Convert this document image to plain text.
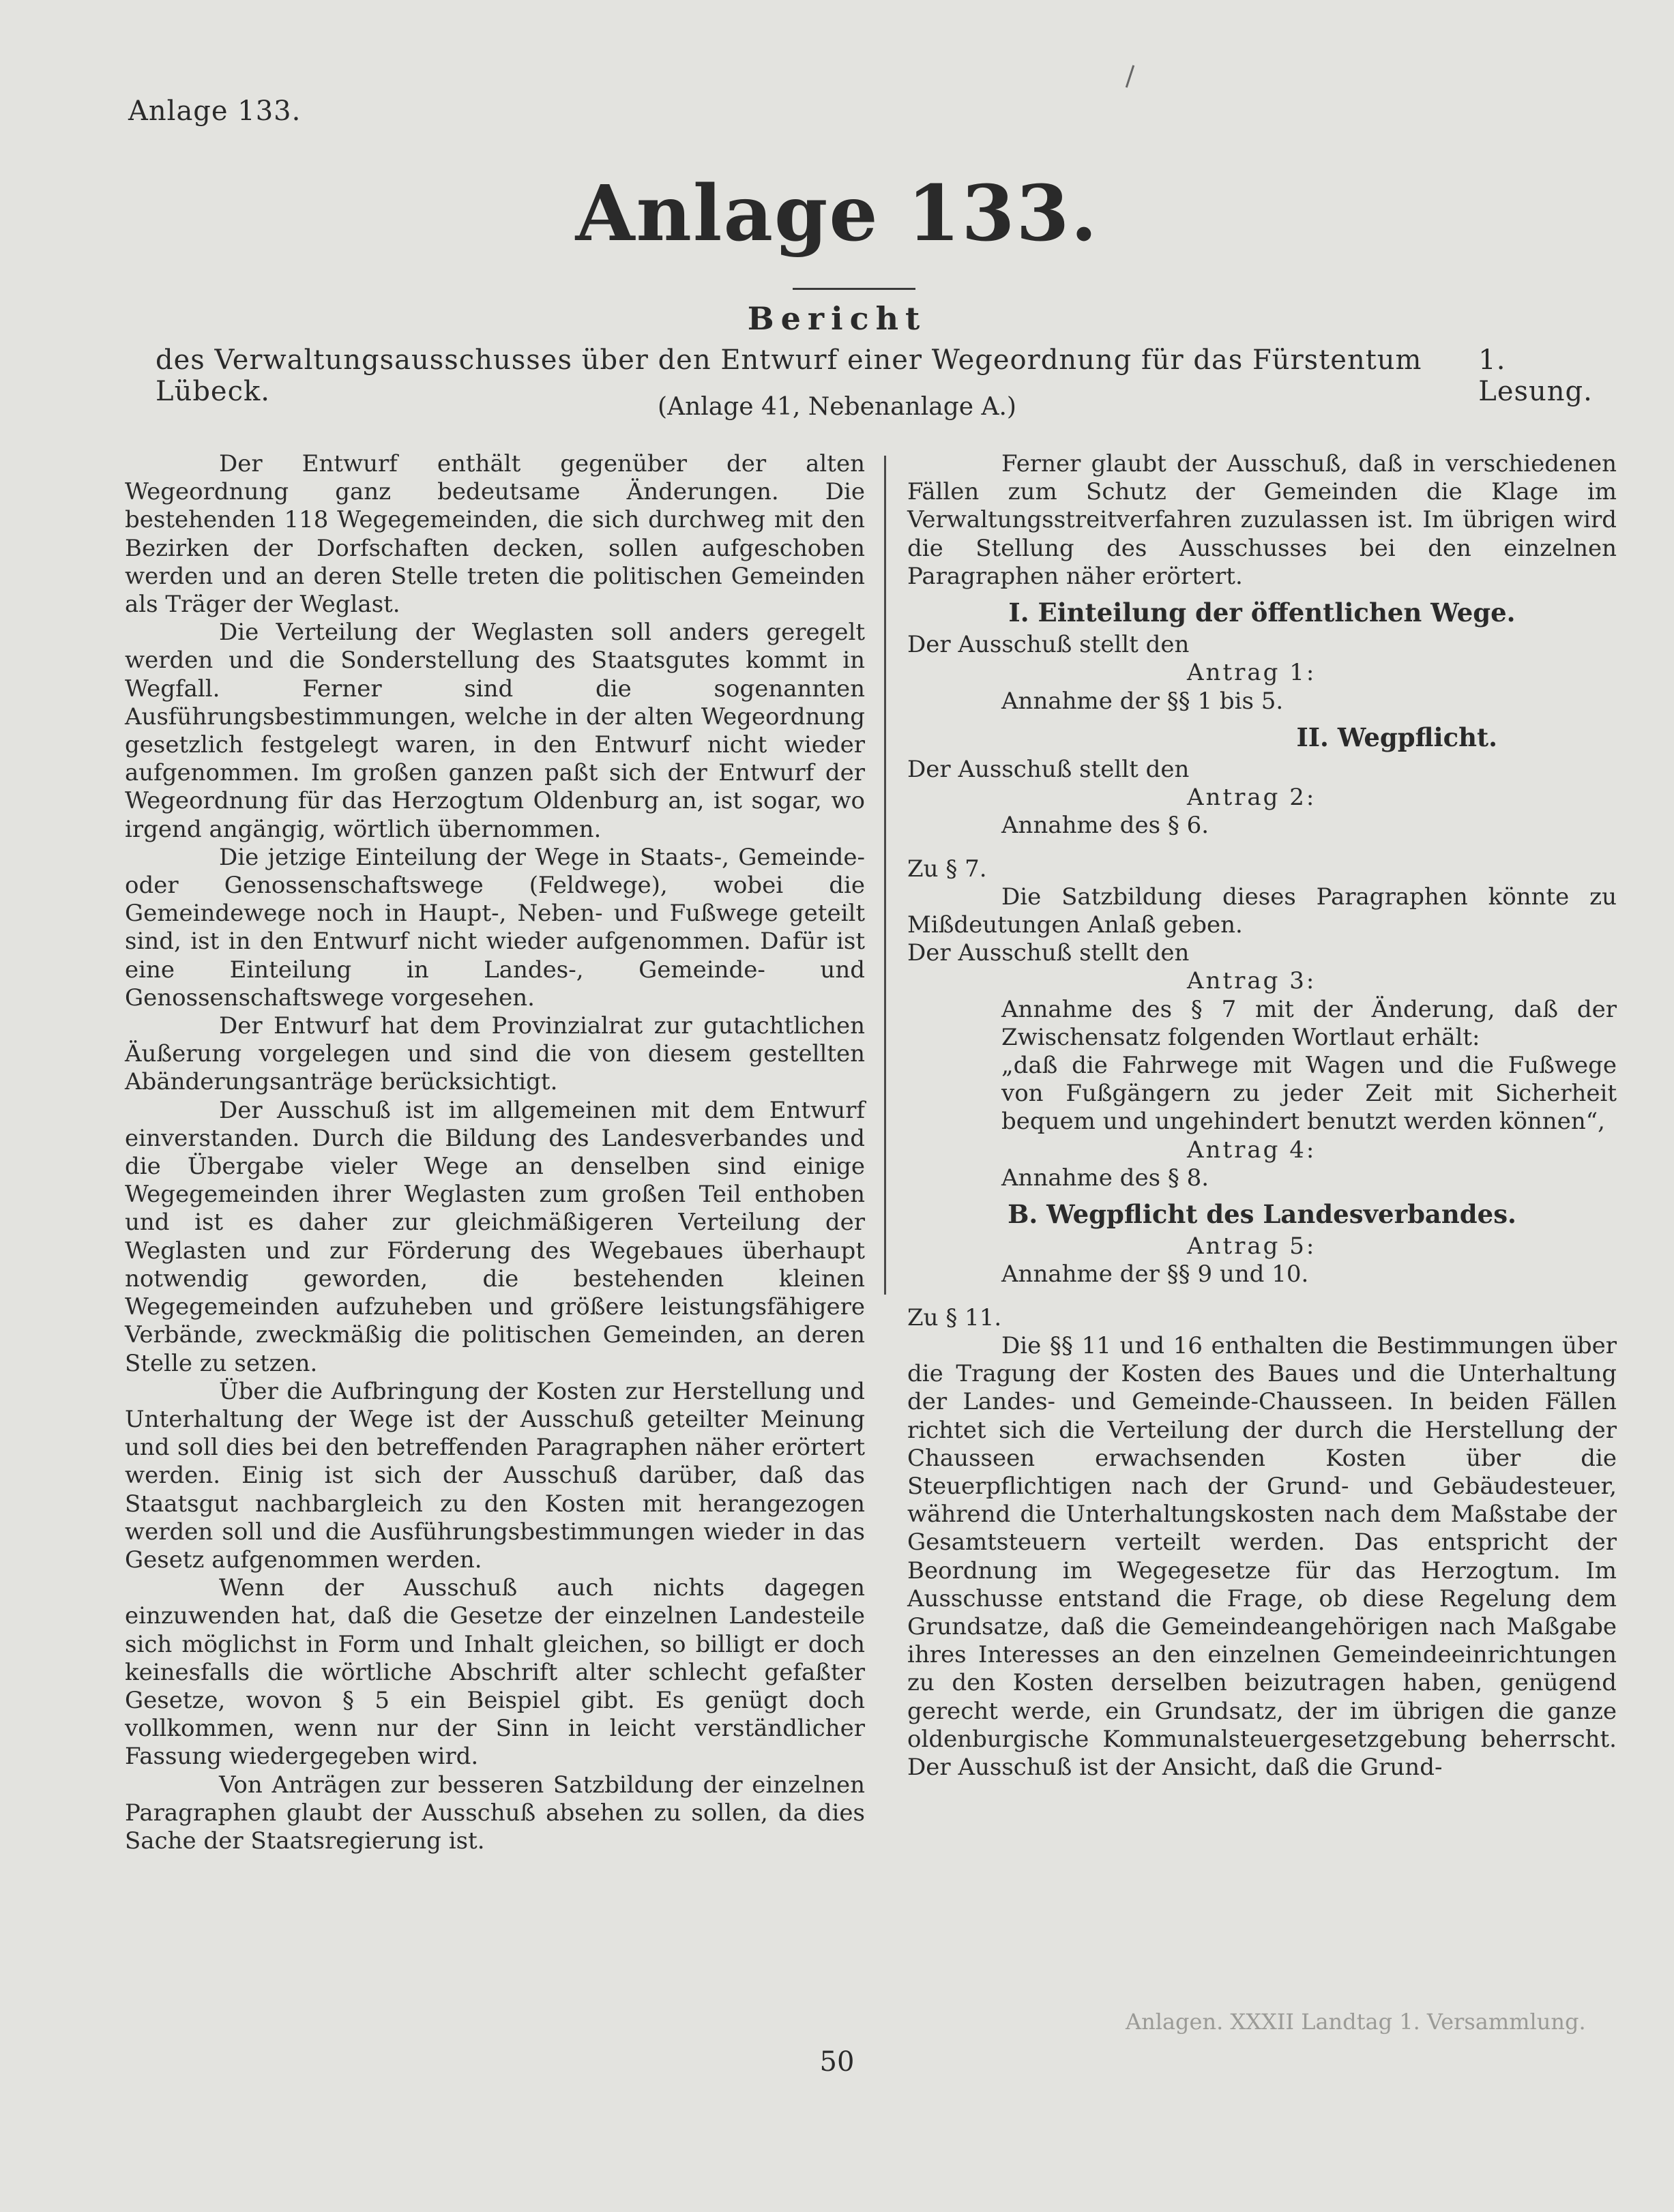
Anlage 133.
Anlage 133.
Bericht
des Verwaltungsausschusses über den Entwurf einer Wegeordnung für das Fürstentum Lübeck.
1. Lesung.
(Anlage 41, Nebenanlage A.)

Der Entwurf enthält gegenüber der alten Wegeordnung ganz bedeutsame Änderungen. Die bestehenden 118 Wegegemeinden, die sich durchweg mit den Bezirken der Dorfschaften decken, sollen aufgeschoben werden und an deren Stelle treten die politischen Gemeinden als Träger der Weglast.

Die Verteilung der Weglasten soll anders geregelt werden und die Sonderstellung des Staatsgutes kommt in Wegfall. Ferner sind die sogenannten Ausführungsbestimmungen, welche in der alten Wegeordnung gesetzlich festgelegt waren, in den Entwurf nicht wieder aufgenommen. Im großen ganzen paßt sich der Entwurf der Wegeordnung für das Herzogtum Oldenburg an, ist sogar, wo irgend angängig, wörtlich übernommen.

Die jetzige Einteilung der Wege in Staats-, Gemeinde- oder Genossenschaftswege (Feldwege), wobei die Gemeindewege noch in Haupt-, Neben- und Fußwege geteilt sind, ist in den Entwurf nicht wieder aufgenommen. Dafür ist eine Einteilung in Landes-, Gemeinde- und Genossenschaftswege vorgesehen.

Der Entwurf hat dem Provinzialrat zur gutachtlichen Äußerung vorgelegen und sind die von diesem gestellten Abänderungsanträge berücksichtigt.

Der Ausschuß ist im allgemeinen mit dem Entwurf einverstanden. Durch die Bildung des Landesverbandes und die Übergabe vieler Wege an denselben sind einige Wegegemeinden ihrer Weglasten zum großen Teil enthoben und ist es daher zur gleichmäßigeren Verteilung der Weglasten und zur Förderung des Wegebaues überhaupt notwendig geworden, die bestehenden kleinen Wegegemeinden aufzuheben und größere leistungsfähigere Verbände, zweckmäßig die politischen Gemeinden, an deren Stelle zu setzen.

Über die Aufbringung der Kosten zur Herstellung und Unterhaltung der Wege ist der Ausschuß geteilter Meinung und soll dies bei den betreffenden Paragraphen näher erörtert werden. Einig ist sich der Ausschuß darüber, daß das Staatsgut nachbargleich zu den Kosten mit herangezogen werden soll und die Ausführungsbestimmungen wieder in das Gesetz aufgenommen werden.

Wenn der Ausschuß auch nichts dagegen einzuwenden hat, daß die Gesetze der einzelnen Landesteile sich möglichst in Form und Inhalt gleichen, so billigt er doch keinesfalls die wörtliche Abschrift alter schlecht gefaßter Gesetze, wovon § 5 ein Beispiel gibt. Es genügt doch vollkommen, wenn nur der Sinn in leicht verständlicher Fassung wiedergegeben wird.

Von Anträgen zur besseren Satzbildung der einzelnen Paragraphen glaubt der Ausschuß absehen zu sollen, da dies Sache der Staatsregierung ist.

Ferner glaubt der Ausschuß, daß in verschiedenen Fällen zum Schutz der Gemeinden die Klage im Verwaltungsstreitverfahren zuzulassen ist. Im übrigen wird die Stellung des Ausschusses bei den einzelnen Paragraphen näher erörtert.

I. Einteilung der öffentlichen Wege.

Der Ausschuß stellt den

Antrag 1:

Annahme der §§ 1 bis 5.

II. Wegpflicht.

Der Ausschuß stellt den

Antrag 2:

Annahme des § 6.

Zu § 7.

Die Satzbildung dieses Paragraphen könnte zu Mißdeutungen Anlaß geben.

Der Ausschuß stellt den

Antrag 3:

Annahme des § 7 mit der Änderung, daß der Zwischensatz folgenden Wortlaut erhält:

„daß die Fahrwege mit Wagen und die Fußwege von Fußgängern zu jeder Zeit mit Sicherheit bequem und ungehindert benutzt werden können“,

Antrag 4:

Annahme des § 8.

B. Wegpflicht des Landesverbandes.

Antrag 5:

Annahme der §§ 9 und 10.

Zu § 11.

Die §§ 11 und 16 enthalten die Bestimmungen über die Tragung der Kosten des Baues und die Unterhaltung der Landes- und Gemeinde-Chausseen. In beiden Fällen richtet sich die Verteilung der durch die Herstellung der Chausseen erwachsenden Kosten über die Steuerpflichtigen nach der Grund- und Gebäudesteuer, während die Unterhaltungskosten nach dem Maßstabe der Gesamtsteuern verteilt werden. Das entspricht der Beordnung im Wegegesetze für das Herzogtum. Im Ausschusse entstand die Frage, ob diese Regelung dem Grundsatze, daß die Gemeindeangehörigen nach Maßgabe ihres Interesses an den einzelnen Gemeindeeinrichtungen zu den Kosten derselben beizutragen haben, genügend gerecht werde, ein Grundsatz, der im übrigen die ganze oldenburgische Kommunalsteuergesetzgebung beherrscht. Der Ausschuß ist der Ansicht, daß die Grund-

Anlagen. XXXII Landtag 1. Versammlung.
50
